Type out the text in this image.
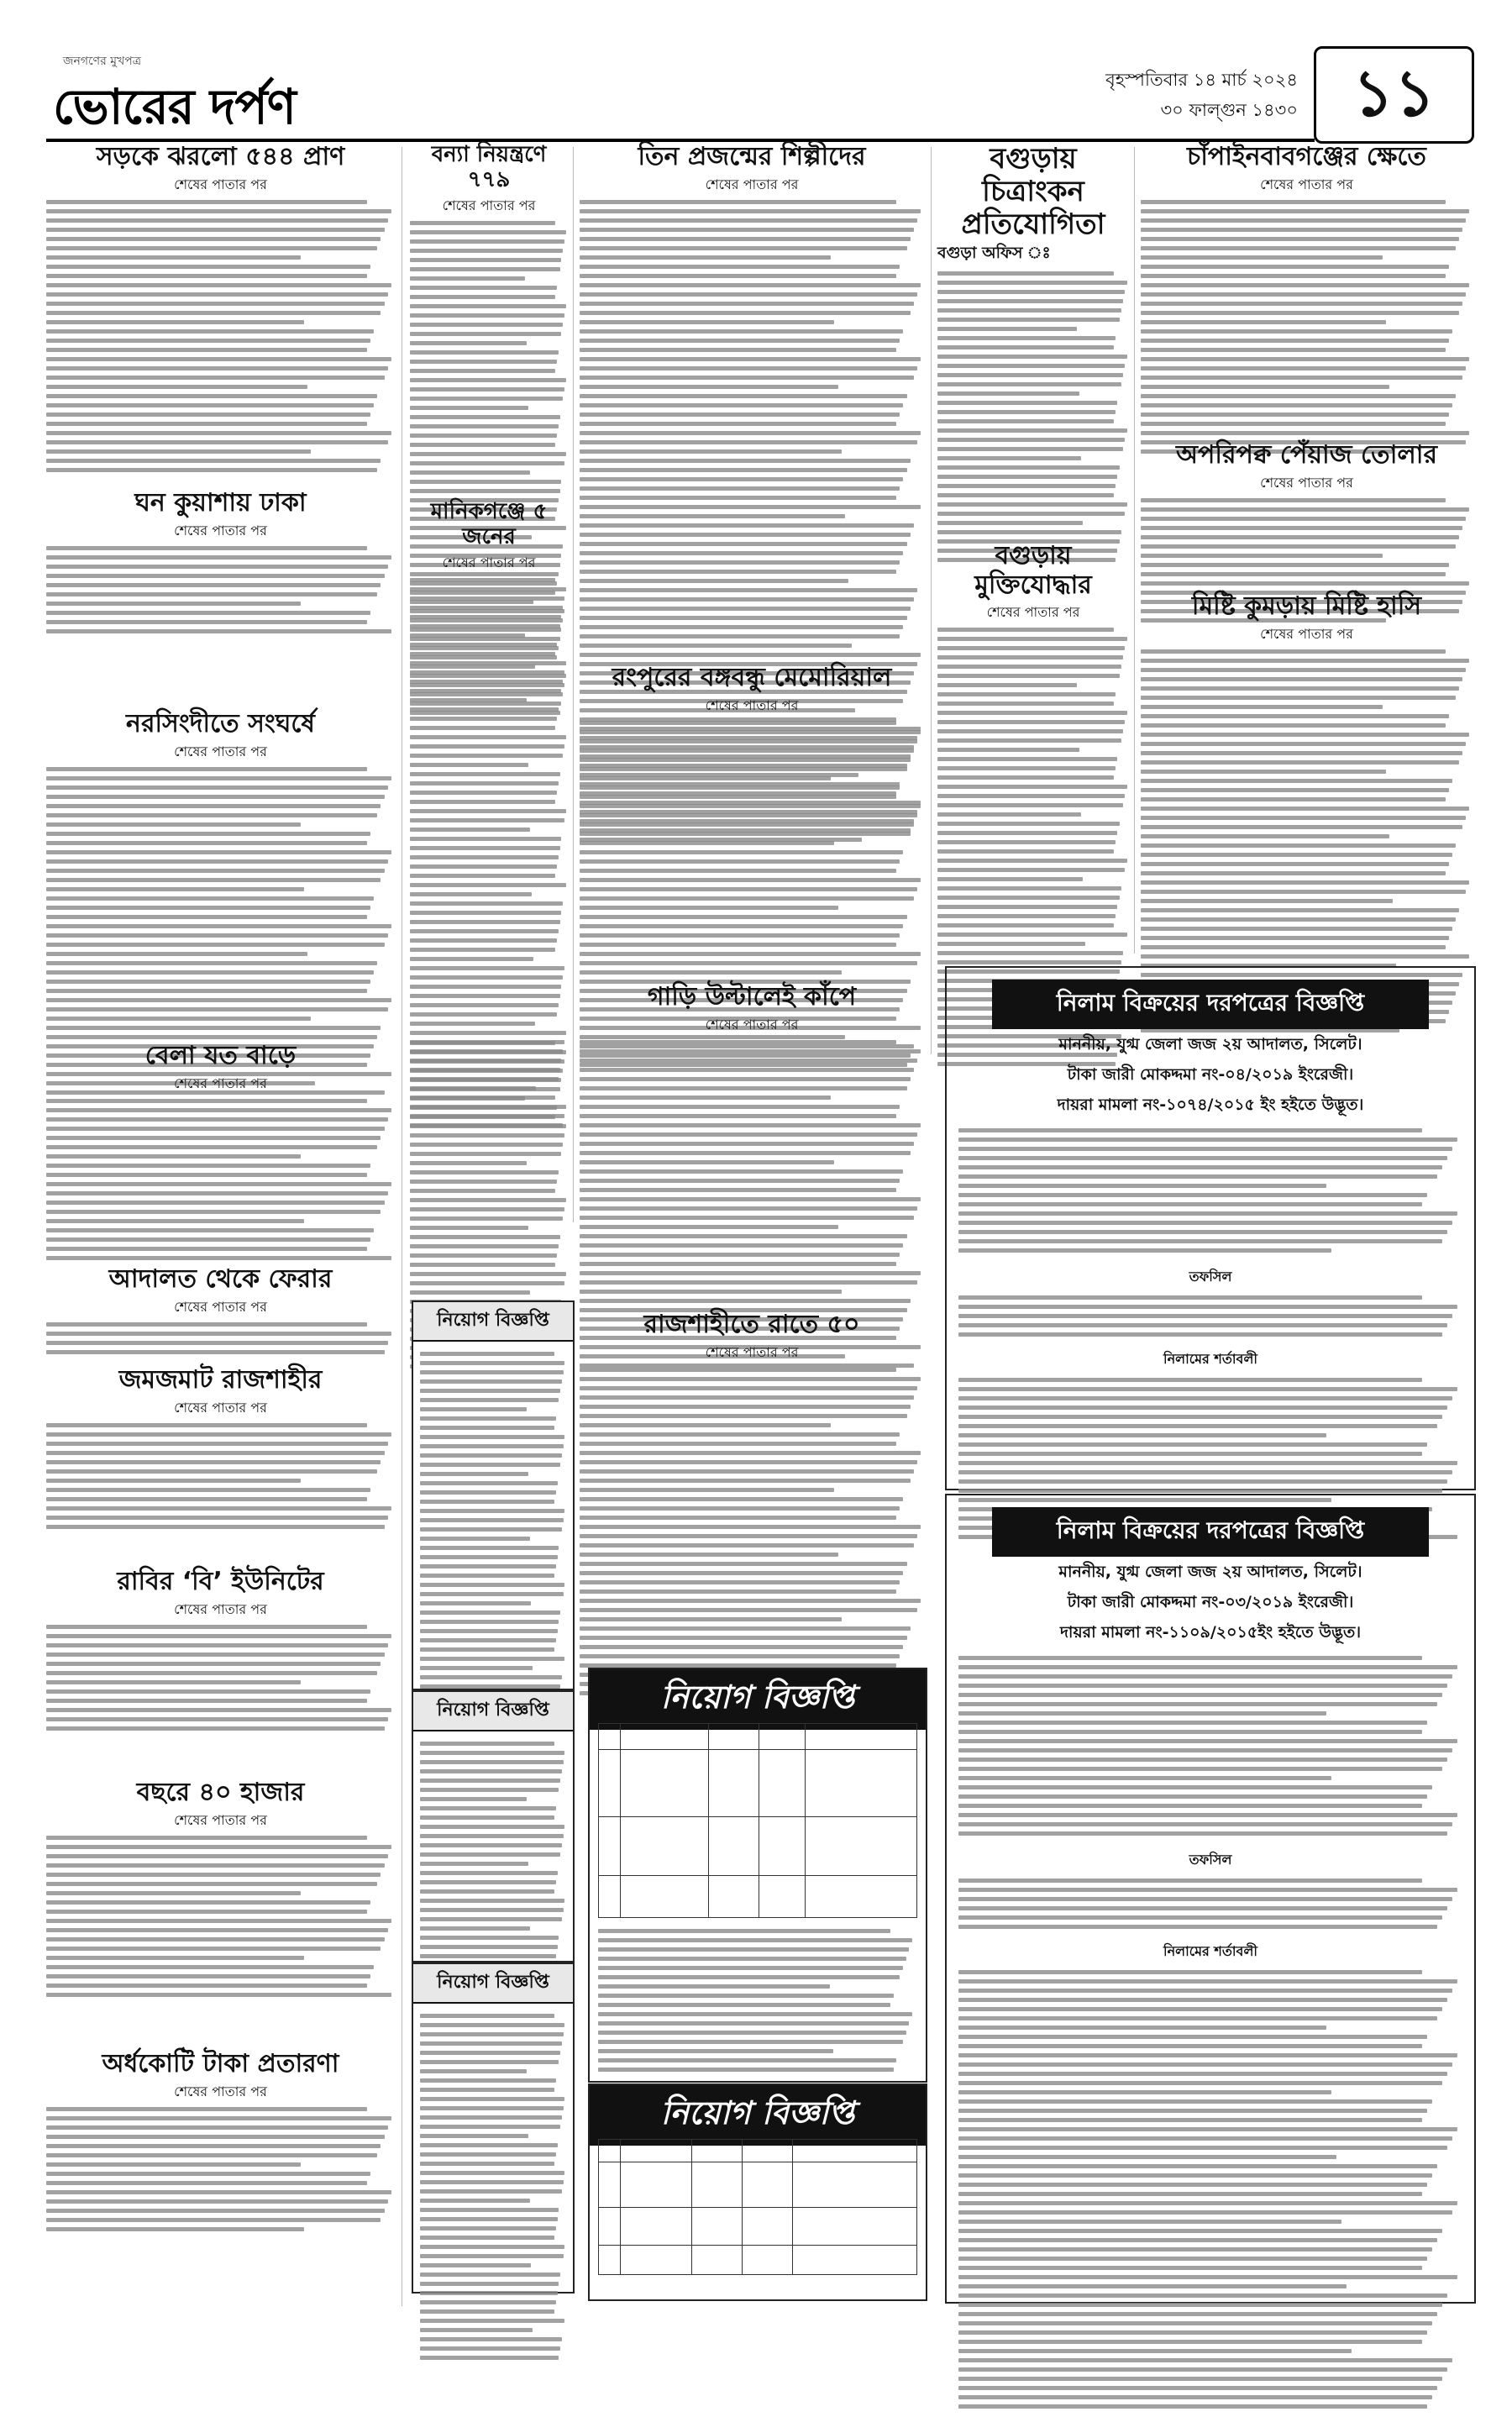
জনগণের মুখপত্র
ভোরের দর্পণ	বৃহস্পতিবার ১৪ মার্চ ২০২৪
৩০ ফাল্গুন ১৪৩০ ১১
সড়কে ঝরলো ৫৪৪ প্রাণ
শেষের পাতার পর
ঘন কুয়াশায় ঢাকা
শেষের পাতার পর
নরসিংদীতে সংঘর্ষে
শেষের পাতার পর
বেলা যত বাড়ে
শেষের পাতার পর
আদালত থেকে ফেরার
শেষের পাতার পর
জমজমাট রাজশাহীর
শেষের পাতার পর
রাবির ‘বি’ ইউনিটের
শেষের পাতার পর
বছরে ৪০ হাজার
শেষের পাতার পর
অর্ধকোটি টাকা প্রতারণা
শেষের পাতার পর
বন্যা নিয়ন্ত্রণে ৭৭৯
শেষের পাতার পর
মানিকগঞ্জে ৫ জনের
শেষের পাতার পর
নিয়োগ বিজ্ঞপ্তি
নিয়োগ বিজ্ঞপ্তি
নিয়োগ বিজ্ঞপ্তি
তিন প্রজন্মের শিল্পীদের
শেষের পাতার পর
রংপুরের বঙ্গবন্ধু মেমোরিয়াল
শেষের পাতার পর
গাড়ি উল্টালেই কাঁপে
শেষের পাতার পর
রাজশাহীতে রাতে ৫০
শেষের পাতার পর
নিয়োগ বিজ্ঞপ্তি
নিয়োগ বিজ্ঞপ্তি
বগুড়ায় চিত্রাংকন প্রতিযোগিতা
বগুড়া অফিস ঃ
বগুড়ায় মুক্তিযোদ্ধার
শেষের পাতার পর
চাঁপাইনবাবগঞ্জের ক্ষেতে
শেষের পাতার পর
অপরিপক্ব পেঁয়াজ তোলার
শেষের পাতার পর
মিষ্টি কুমড়ায় মিষ্টি হাসি
শেষের পাতার পর
নিলাম বিক্রয়ের দরপত্রের বিজ্ঞপ্তি
মাননীয়, যুগ্ম জেলা জজ ২য় আদালত, সিলেট।
টাকা জারী মোকদ্দমা নং-০৪/২০১৯ ইংরেজী।
দায়রা মামলা নং-১০৭৪/২০১৫ ইং হইতে উদ্ভূত।
তফসিল
নিলামের শর্তাবলী
নিলাম বিক্রয়ের দরপত্রের বিজ্ঞপ্তি
মাননীয়, যুগ্ম জেলা জজ ২য় আদালত, সিলেট।
টাকা জারী মোকদ্দমা নং-০৩/২০১৯ ইংরেজী।
দায়রা মামলা নং-১১০৯/২০১৫ইং হইতে উদ্ভূত।
তফসিল
নিলামের শর্তাবলী
